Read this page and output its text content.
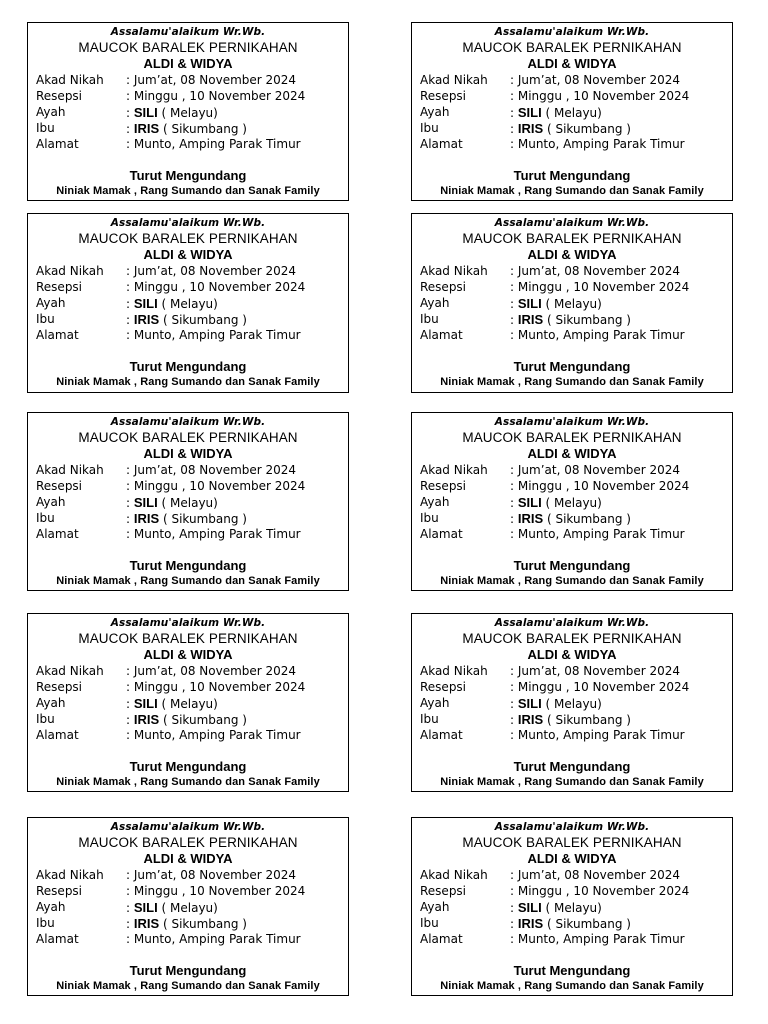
Assalamu'alaikum Wr.Wb.
MAUCOK BARALEK PERNIKAHAN
ALDI & WIDYA
Akad Nikah : Jum’at, 08 November 2024
Resepsi	: Minggu , 10 November 2024
Ayah	: SILI ( Melayu)
Ibu	: IRIS ( Sikumbang )
Alamat	: Munto, Amping Parak Timur
Turut Mengundang
Niniak Mamak , Rang Sumando dan Sanak Family
Assalamu'alaikum Wr.Wb.
MAUCOK BARALEK PERNIKAHAN
ALDI & WIDYA
Akad Nikah : Jum’at, 08 November 2024
Resepsi	: Minggu , 10 November 2024
Ayah	: SILI ( Melayu)
Ibu	: IRIS ( Sikumbang )
Alamat	: Munto, Amping Parak Timur
Turut Mengundang
Niniak Mamak , Rang Sumando dan Sanak Family
Assalamu'alaikum Wr.Wb.
MAUCOK BARALEK PERNIKAHAN
ALDI & WIDYA
Akad Nikah : Jum’at, 08 November 2024
Resepsi	: Minggu , 10 November 2024
Ayah	: SILI ( Melayu)
Ibu	: IRIS ( Sikumbang )
Alamat	: Munto, Amping Parak Timur
Turut Mengundang
Niniak Mamak , Rang Sumando dan Sanak Family
Assalamu'alaikum Wr.Wb.
MAUCOK BARALEK PERNIKAHAN
ALDI & WIDYA
Akad Nikah : Jum’at, 08 November 2024
Resepsi	: Minggu , 10 November 2024
Ayah	: SILI ( Melayu)
Ibu	: IRIS ( Sikumbang )
Alamat	: Munto, Amping Parak Timur
Turut Mengundang
Niniak Mamak , Rang Sumando dan Sanak Family
Assalamu'alaikum Wr.Wb.
MAUCOK BARALEK PERNIKAHAN
ALDI & WIDYA
Akad Nikah : Jum’at, 08 November 2024
Resepsi	: Minggu , 10 November 2024
Ayah	: SILI ( Melayu)
Ibu	: IRIS ( Sikumbang )
Alamat	: Munto, Amping Parak Timur
Turut Mengundang
Niniak Mamak , Rang Sumando dan Sanak Family
Assalamu'alaikum Wr.Wb.
MAUCOK BARALEK PERNIKAHAN
ALDI & WIDYA
Akad Nikah : Jum’at, 08 November 2024
Resepsi	: Minggu , 10 November 2024
Ayah	: SILI ( Melayu)
Ibu	: IRIS ( Sikumbang )
Alamat	: Munto, Amping Parak Timur
Turut Mengundang
Niniak Mamak , Rang Sumando dan Sanak Family
Assalamu'alaikum Wr.Wb.
MAUCOK BARALEK PERNIKAHAN
ALDI & WIDYA
Akad Nikah : Jum’at, 08 November 2024
Resepsi	: Minggu , 10 November 2024
Ayah	: SILI ( Melayu)
Ibu	: IRIS ( Sikumbang )
Alamat	: Munto, Amping Parak Timur
Turut Mengundang
Niniak Mamak , Rang Sumando dan Sanak Family
Assalamu'alaikum Wr.Wb.
MAUCOK BARALEK PERNIKAHAN
ALDI & WIDYA
Akad Nikah : Jum’at, 08 November 2024
Resepsi	: Minggu , 10 November 2024
Ayah	: SILI ( Melayu)
Ibu	: IRIS ( Sikumbang )
Alamat	: Munto, Amping Parak Timur
Turut Mengundang
Niniak Mamak , Rang Sumando dan Sanak Family
Assalamu'alaikum Wr.Wb.
MAUCOK BARALEK PERNIKAHAN
ALDI & WIDYA
Akad Nikah : Jum’at, 08 November 2024
Resepsi	: Minggu , 10 November 2024
Ayah	: SILI ( Melayu)
Ibu	: IRIS ( Sikumbang )
Alamat	: Munto, Amping Parak Timur
Turut Mengundang
Niniak Mamak , Rang Sumando dan Sanak Family
Assalamu'alaikum Wr.Wb.
MAUCOK BARALEK PERNIKAHAN
ALDI & WIDYA
Akad Nikah : Jum’at, 08 November 2024
Resepsi	: Minggu , 10 November 2024
Ayah	: SILI ( Melayu)
Ibu	: IRIS ( Sikumbang )
Alamat	: Munto, Amping Parak Timur
Turut Mengundang
Niniak Mamak , Rang Sumando dan Sanak Family
